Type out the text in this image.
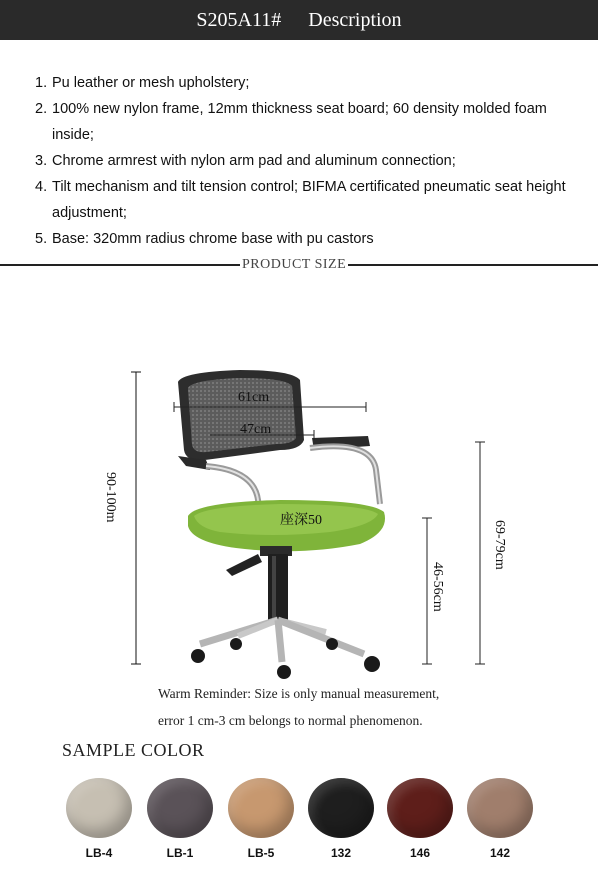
S205A11# Description
1. Pu leather or mesh upholstery;
2. 100% new nylon frame, 12mm thickness seat board; 60 density molded foam inside;
3. Chrome armrest with nylon arm pad and aluminum connection;
4. Tilt mechanism and tilt tension control; BIFMA certificated pneumatic seat height adjustment;
5. Base: 320mm radius chrome base with pu castors
PRODUCT SIZE
90-100m	座深50
61cm
47cm
46-56cm
69-79cm
Warm Reminder: Size is only manual measurement,
error 1 cm-3 cm belongs to normal phenomenon.
SAMPLE COLOR
LB-4	LB-1	LB-5	132	146	142
